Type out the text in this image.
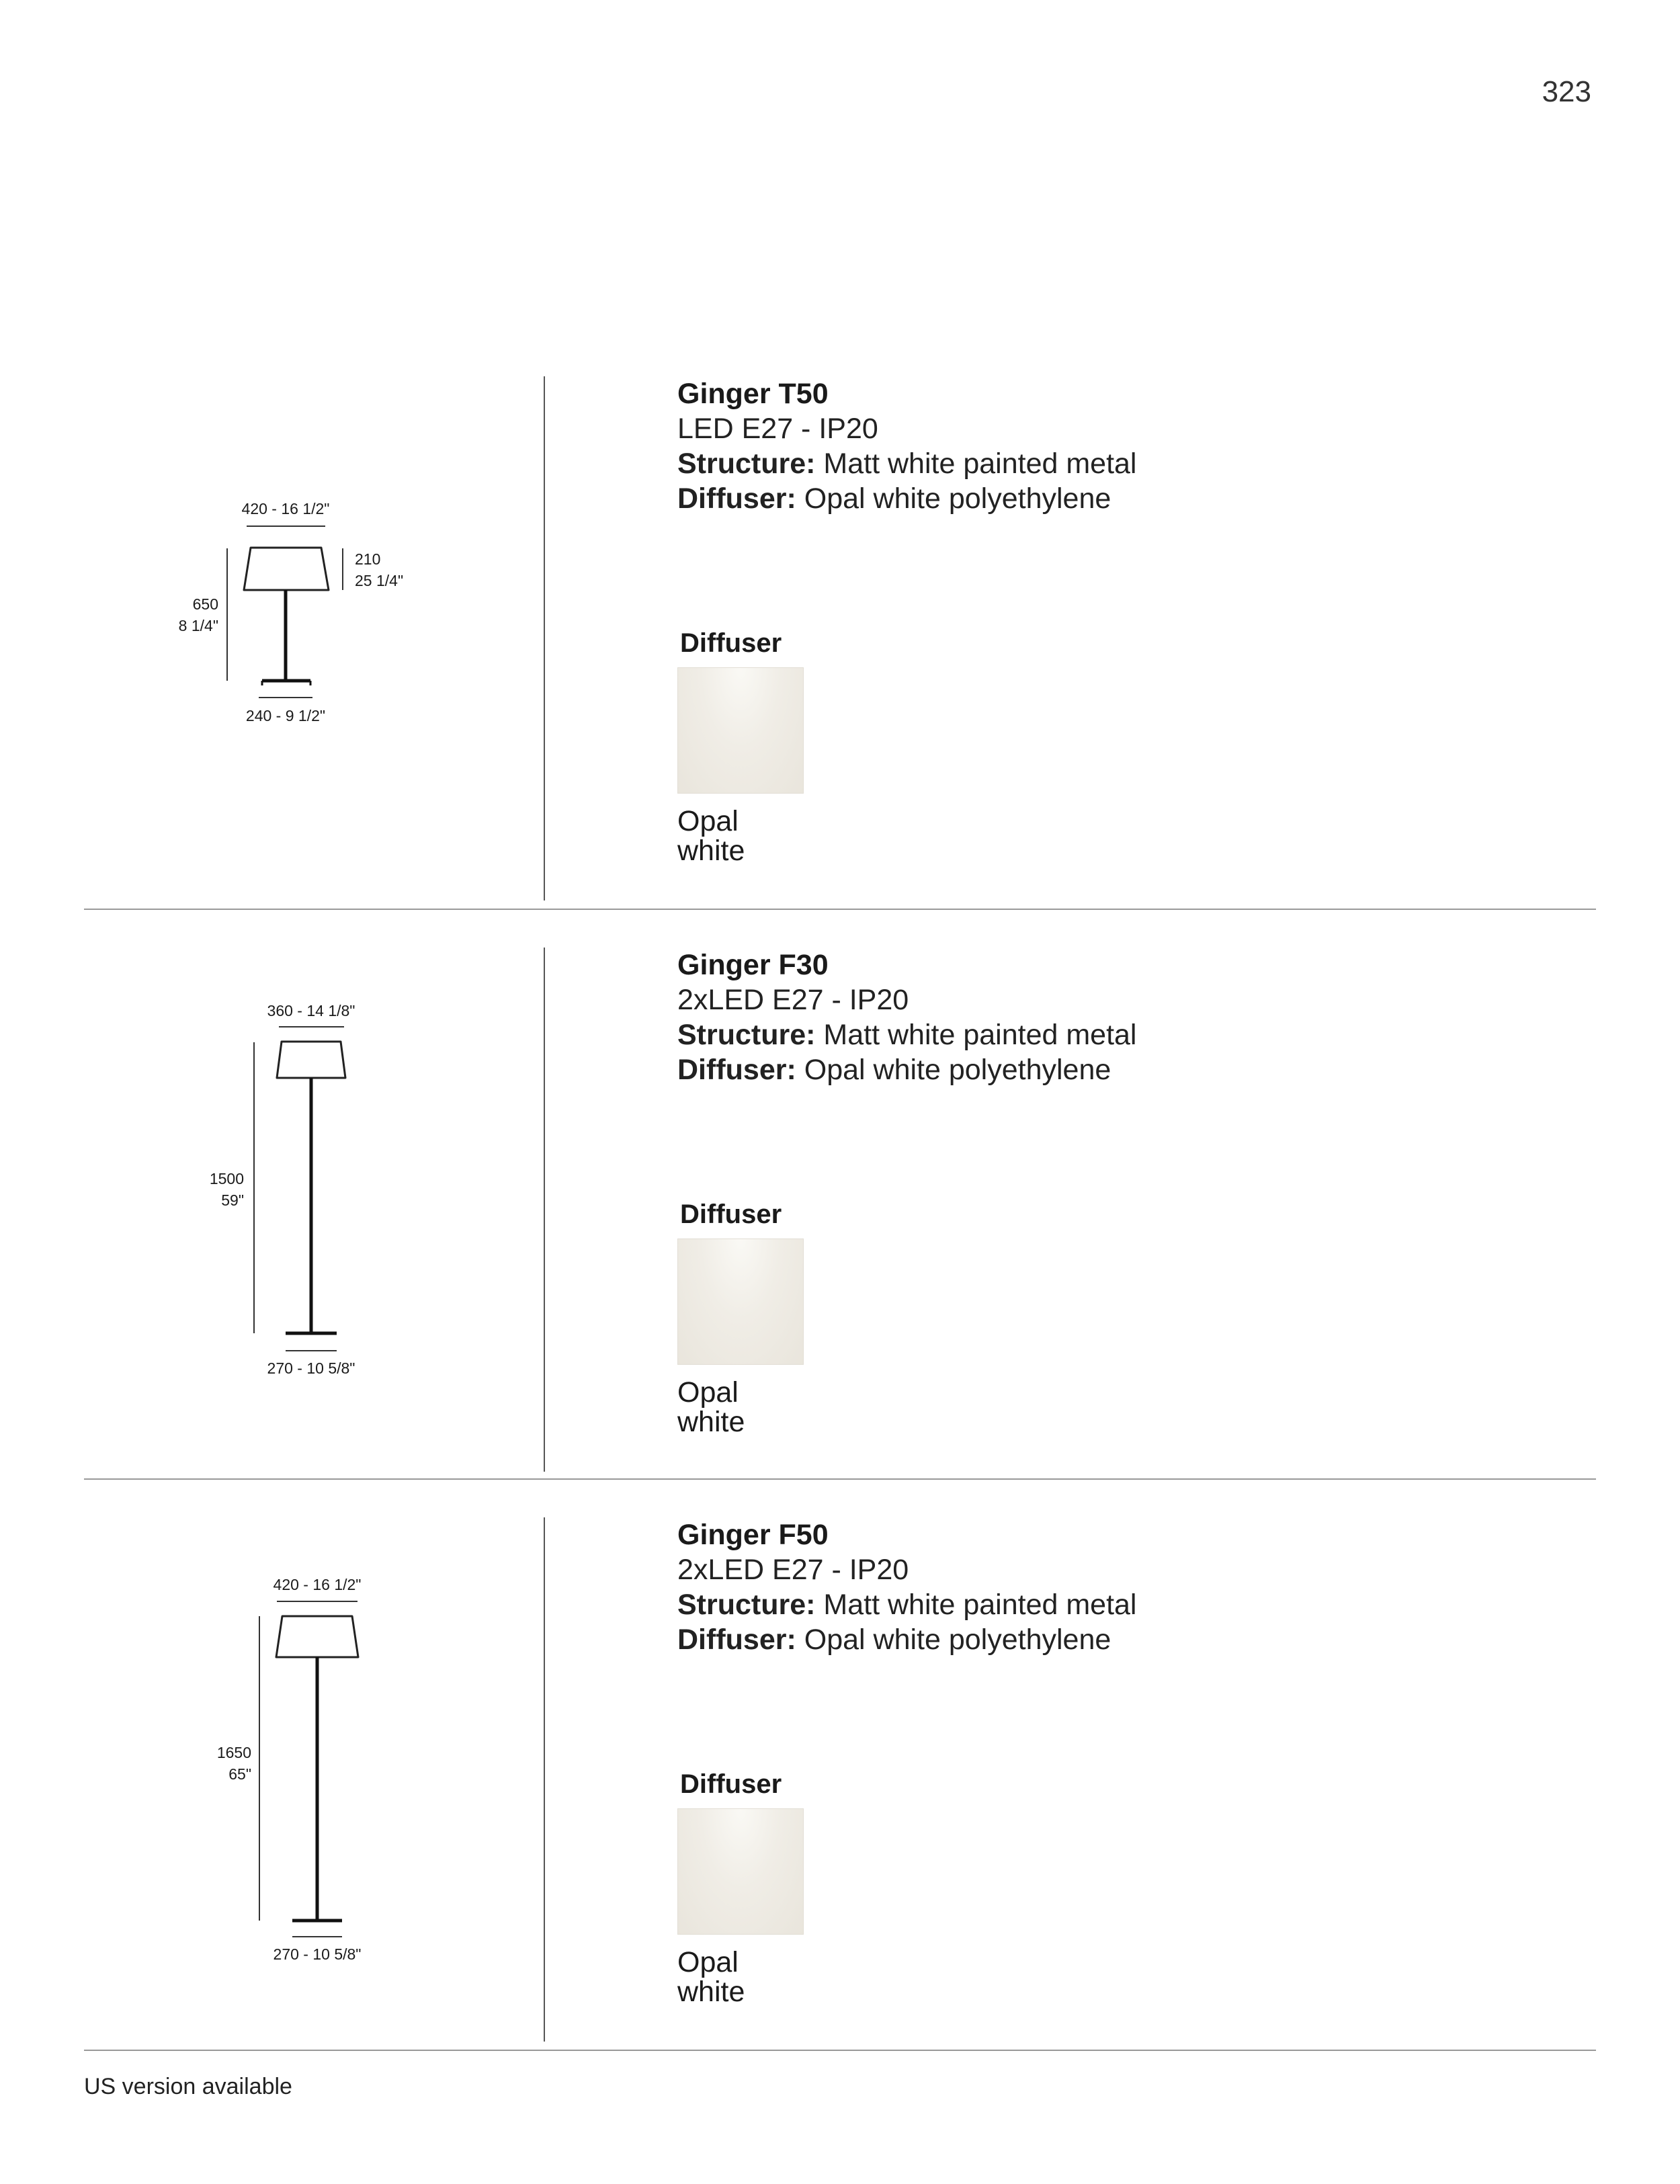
323
420 - 16 1/2"
210
25 1/4"
650
8 1/4"
240 - 9 1/2"

Ginger T50

LED E27 - IP20

Structure: Matt white painted metal

Diffuser: Opal white polyethylene

Diffuser
Opal
white
360 - 14 1/8"
1500
59"
270 - 10 5/8"

Ginger F30

2xLED E27 - IP20

Structure: Matt white painted metal

Diffuser: Opal white polyethylene

Diffuser
Opal
white
420 - 16 1/2"
1650
65"
270 - 10 5/8"

Ginger F50

2xLED E27 - IP20

Structure: Matt white painted metal

Diffuser: Opal white polyethylene

Diffuser
Opal
white
US version available
